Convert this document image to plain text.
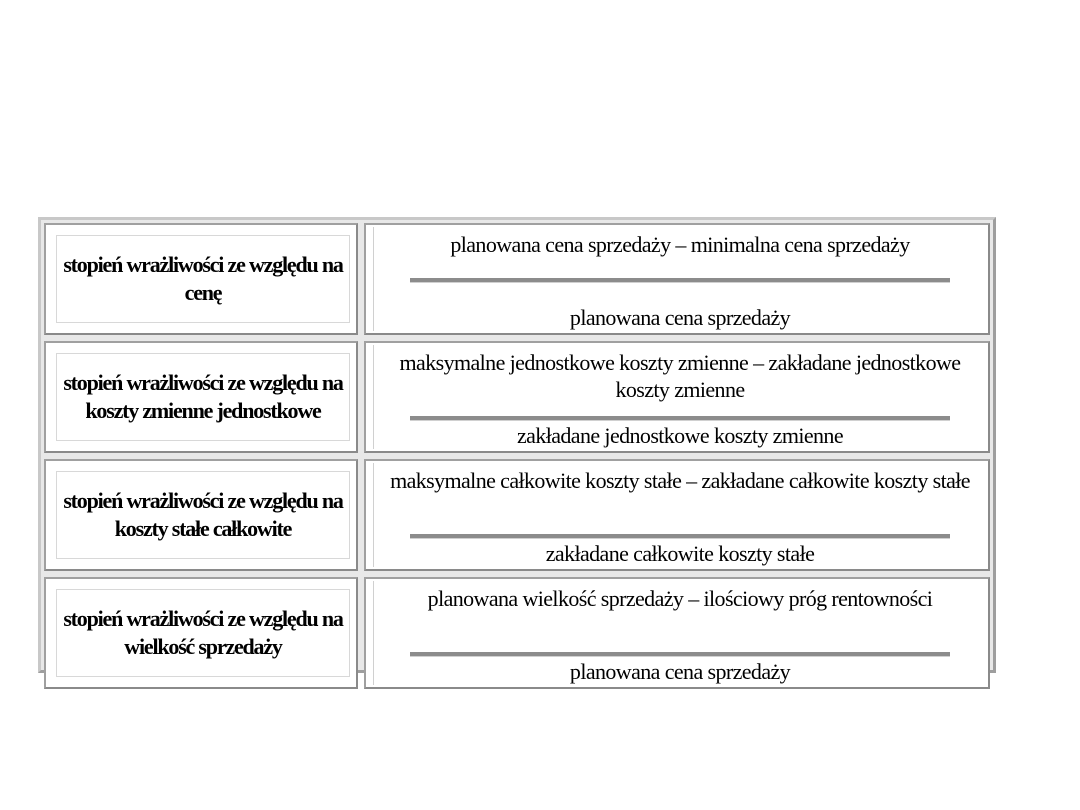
stopień wrażliwości ze względu na cenę
planowana cena sprzedaży – minimalna cena sprzedaży
planowana cena sprzedaży
stopień wrażliwości ze względu na koszty zmienne jednostkowe
maksymalne jednostkowe koszty zmienne – zakładane jednostkowe koszty zmienne
zakładane jednostkowe koszty zmienne
stopień wrażliwości ze względu na koszty stałe całkowite
maksymalne całkowite koszty stałe – zakładane całkowite koszty stałe
zakładane całkowite koszty stałe
stopień wrażliwości ze względu na wielkość sprzedaży
planowana wielkość sprzedaży – ilościowy próg rentowności
planowana cena sprzedaży
